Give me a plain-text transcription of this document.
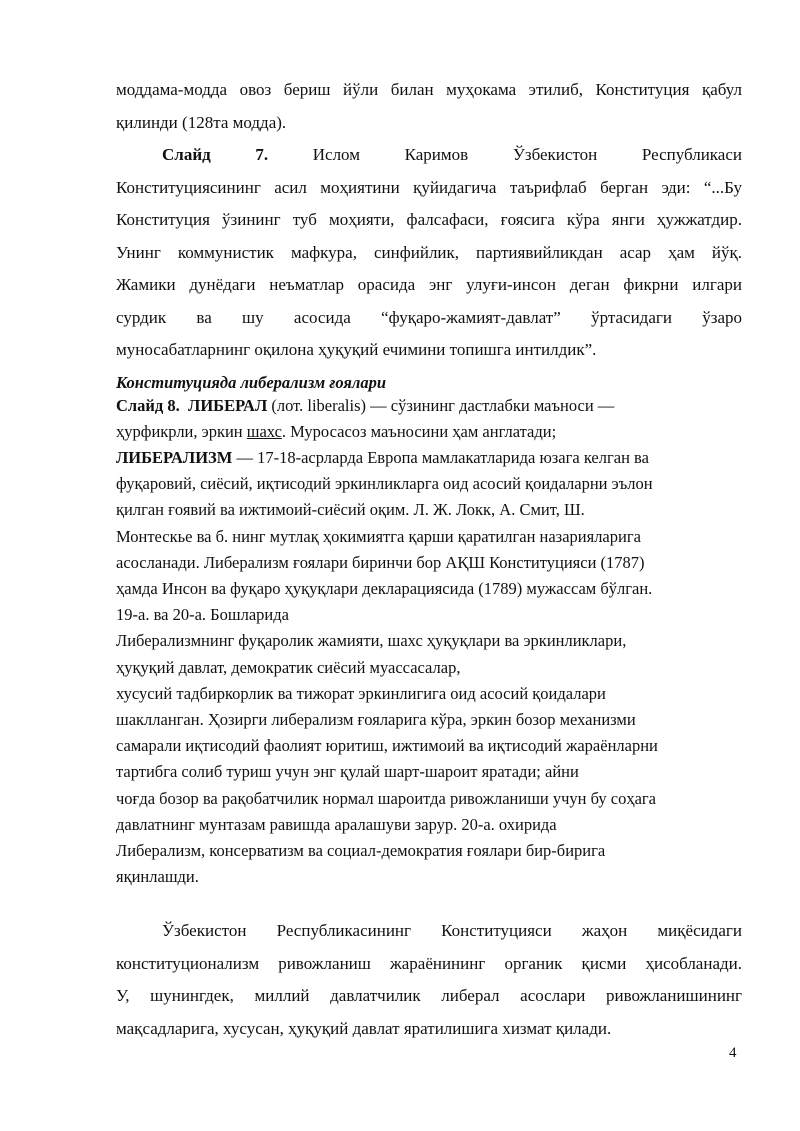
моддама-модда овоз бериш йўли билан муҳокама этилиб, Конституция қабул

қилинди (128та модда).

Слайд 7. Ислом Каримов Ўзбекистон Республикаси

Конституциясининг асил моҳиятини қуйидагича таърифлаб берган эди: “...Бу

Конституция ўзининг туб моҳияти, фалсафаси, ғоясига кўра янги ҳужжатдир.

Унинг коммунистик мафкура, синфийлик, партиявийликдан асар ҳам йўқ.

Жамики дунёдаги неъматлар орасида энг улуғи-инсон деган фикрни илгари

сурдик ва шу асосида “фуқаро-жамият-давлат” ўртасидаги ўзаро

муносабатларнинг оқилона ҳуқуқий ечимини топишга интилдик”.

Конституцияда либерализм ғоялари

Слайд 8. ЛИБЕРАЛ (лот. liberalis) — сўзининг дастлабки маъноси —

ҳурфикрли, эркин шахс. Муросасоз маъносини ҳам англатади;

ЛИБЕРАЛИЗМ — 17-18-асрларда Европа мамлакатларида юзага келган ва

фуқаровий, сиёсий, иқтисодий эркинликларга оид асосий қоидаларни эълон

қилган ғоявий ва ижтимоий-сиёсий оқим. Л. Ж. Локк, А. Смит, Ш.

Монтескье ва б. нинг мутлақ ҳокимиятга қарши қаратилган назарияларига

асосланади. Либерализм ғоялари биринчи бор АҚШ Конституцияси (1787)

ҳамда Инсон ва фуқаро ҳуқуқлари декларациясида (1789) мужассам бўлган.

19-а. ва 20-а. Бошларида

Либерализмнинг фуқаролик жамияти, шахс ҳуқуқлари ва эркинликлари,

ҳуқуқий давлат, демократик сиёсий муассасалар,

хусусий тадбиркорлик ва тижорат эркинлигига оид асосий қоидалари

шаклланган. Ҳозирги либерализм ғояларига кўра, эркин бозор механизми

самарали иқтисодий фаолият юритиш, ижтимоий ва иқтисодий жараёнларни

тартибга солиб туриш учун энг қулай шарт-шароит яратади; айни

чоғда бозор ва рақобатчилик нормал шароитда ривожланиши учун бу соҳага

давлатнинг мунтазам равишда аралашуви зарур. 20-а. охирида

Либерализм, консерватизм ва социал-демократия ғоялари бир-бирига

яқинлашди.

Ўзбекистон Республикасининг Конституцияси жаҳон миқёсидаги

конституционализм ривожланиш жараёнининг органик қисми ҳисобланади.

У, шунингдек, миллий давлатчилик либерал асослари ривожланишининг

мақсадларига, хусусан, ҳуқуқий давлат яратилишига хизмат қилади.

4
